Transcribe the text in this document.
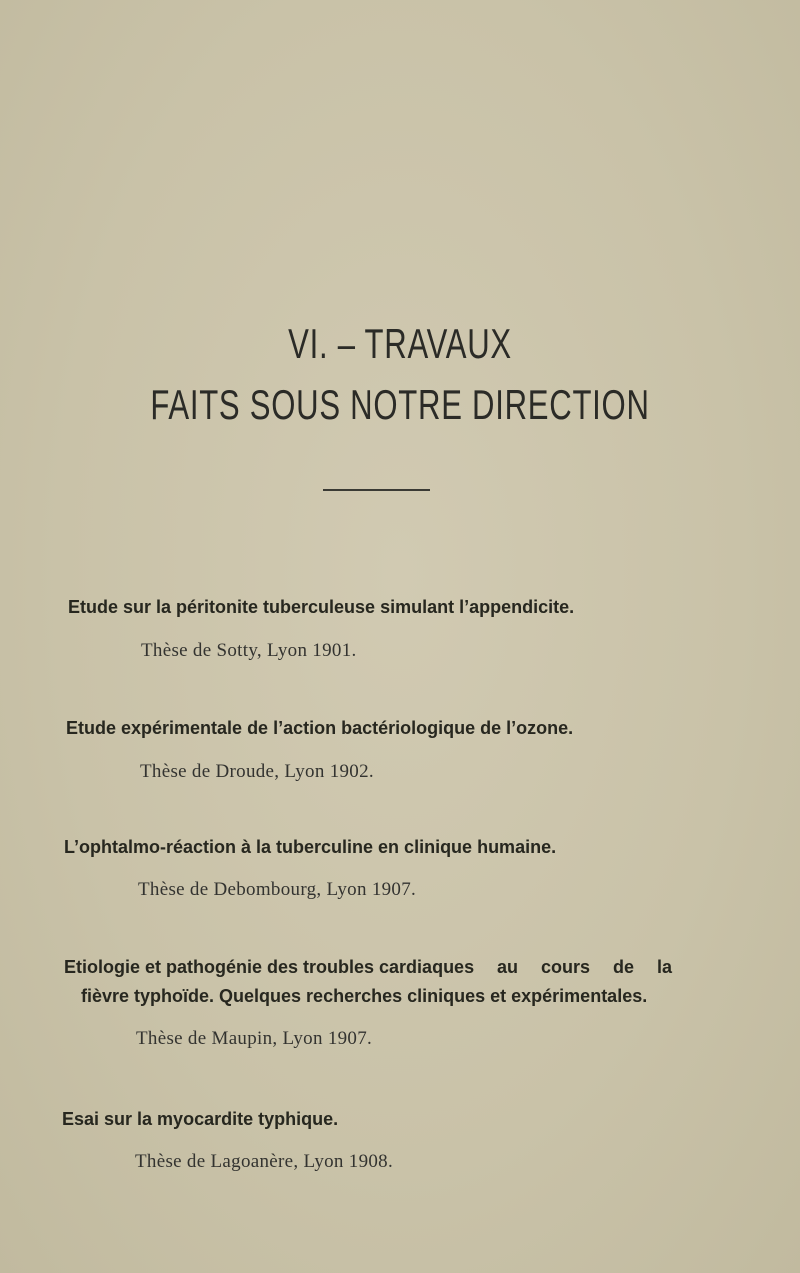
VI. – TRAVAUX
FAITS SOUS NOTRE DIRECTION

Etude sur la péritonite tuberculeuse simulant l’appendicite.

Thèse de Sotty, Lyon 1901.

Etude expérimentale de l’action bactériologique de l’ozone.

Thèse de Droude, Lyon 1902.

L’ophtalmo-réaction à la tuberculine en clinique humaine.

Thèse de Debombourg, Lyon 1907.

Etiologie et pathogénie des troubles cardiaques au cours de la

fièvre typhoïde. Quelques recherches cliniques et expérimentales.

Thèse de Maupin, Lyon 1907.

Esai sur la myocardite typhique.

Thèse de Lagoanère, Lyon 1908.
